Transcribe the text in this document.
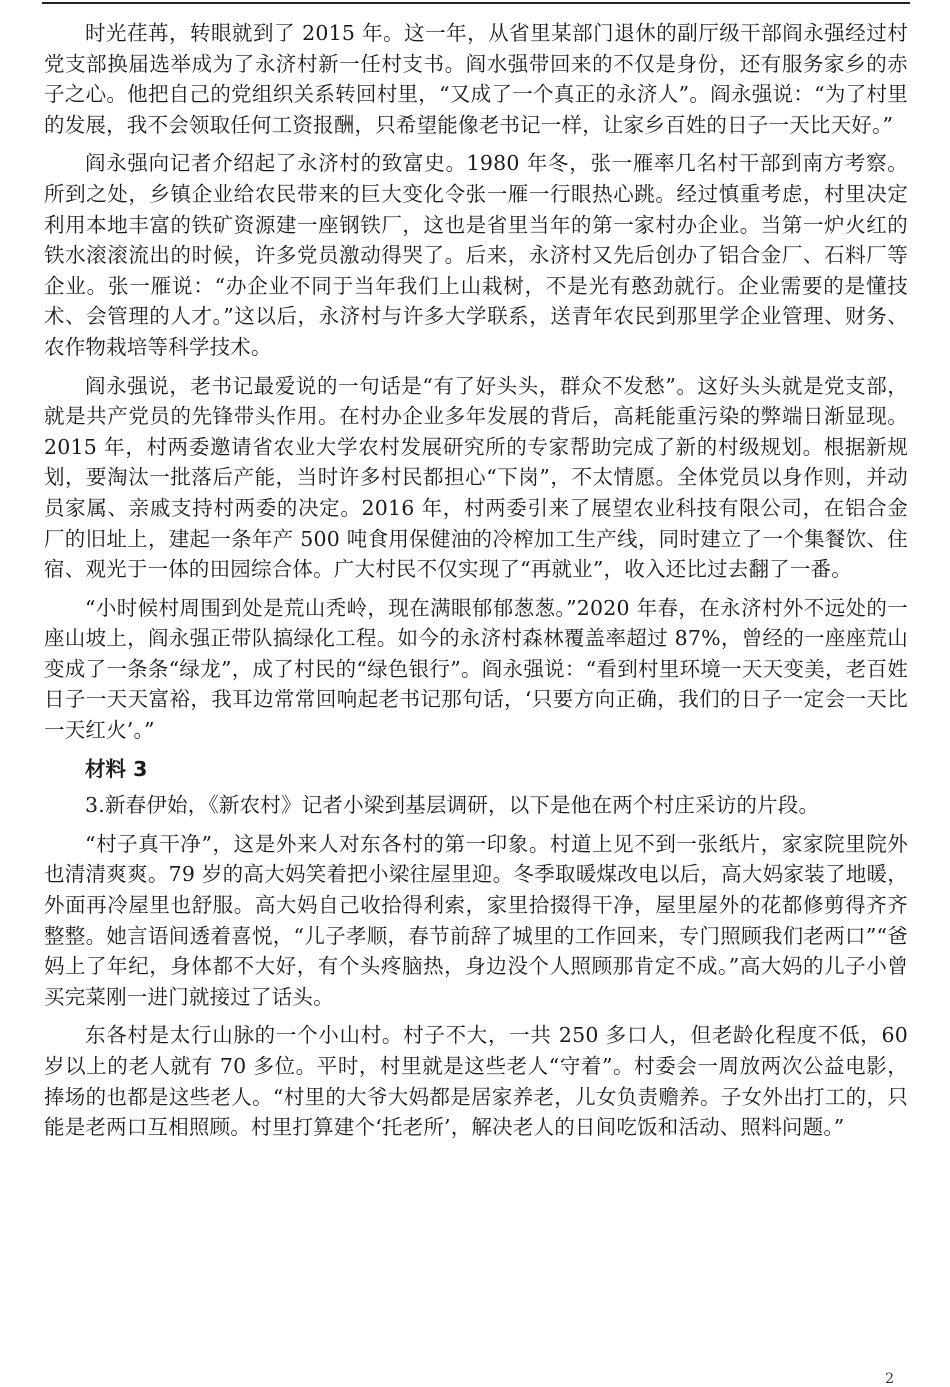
时光荏苒，转眼就到了 2015 年。这一年，从省里某部门退休的副厅级干部阎永强经过村党支部换届选举成为了永济村新一任村支书。阎水强带回来的不仅是身份，还有服务家乡的赤子之心。他把自己的党组织关系转回村里，“又成了一个真正的永济人”。阎永强说：“为了村里的发展，我不会领取任何工资报酬，只希望能像老书记一样，让家乡百姓的日子一天比天好。”

阎永强向记者介绍起了永济村的致富史。1980 年冬，张一雁率几名村干部到南方考察。所到之处，乡镇企业给农民带来的巨大变化令张一雁一行眼热心跳。经过慎重考虑，村里决定利用本地丰富的铁矿资源建一座钢铁厂，这也是省里当年的第一家村办企业。当第一炉火红的铁水滚滚流出的时候，许多党员激动得哭了。后来，永济村又先后创办了铝合金厂、石料厂等企业。张一雁说：“办企业不同于当年我们上山栽树，不是光有憨劲就行。企业需要的是懂技术、会管理的人才。”这以后，永济村与许多大学联系，送青年农民到那里学企业管理、财务、农作物栽培等科学技术。

阎永强说，老书记最爱说的一句话是“有了好头头，群众不发愁”。这好头头就是党支部，就是共产党员的先锋带头作用。在村办企业多年发展的背后，高耗能重污染的弊端日渐显现。2015 年，村两委邀请省农业大学农村发展研究所的专家帮助完成了新的村级规划。根据新规划，要淘汰一批落后产能，当时许多村民都担心“下岗”，不太情愿。全体党员以身作则，并动员家属、亲戚支持村两委的决定。2016 年，村两委引来了展望农业科技有限公司，在铝合金厂的旧址上，建起一条年产 500 吨食用保健油的冷榨加工生产线，同时建立了一个集餐饮、住宿、观光于一体的田园综合体。广大村民不仅实现了“再就业”，收入还比过去翻了一番。

“小时候村周围到处是荒山秃岭，现在满眼郁郁葱葱。”2020 年春，在永济村外不远处的一座山坡上，阎永强正带队搞绿化工程。如今的永济村森林覆盖率超过 87%，曾经的一座座荒山变成了一条条“绿龙”，成了村民的“绿色银行”。阎永强说：“看到村里环境一天天变美，老百姓日子一天天富裕，我耳边常常回响起老书记那句话，‘只要方向正确，我们的日子一定会一天比一天红火’。”

材料 3

3.新春伊始，《新农村》记者小梁到基层调研，以下是他在两个村庄采访的片段。

“村子真干净”，这是外来人对东各村的第一印象。村道上见不到一张纸片，家家院里院外也清清爽爽。79 岁的高大妈笑着把小梁往屋里迎。冬季取暖煤改电以后，高大妈家装了地暖，外面再冷屋里也舒服。高大妈自己收拾得利索，家里拾掇得干净，屋里屋外的花都修剪得齐齐整整。她言语间透着喜悦，“儿子孝顺，春节前辞了城里的工作回来，专门照顾我们老两口”“爸妈上了年纪，身体都不大好，有个头疼脑热，身边没个人照顾那肯定不成。”高大妈的儿子小曾买完菜刚一进门就接过了话头。

东各村是太行山脉的一个小山村。村子不大，一共 250 多口人，但老龄化程度不低，60 岁以上的老人就有 70 多位。平时，村里就是这些老人“守着”。村委会一周放两次公益电影，捧场的也都是这些老人。“村里的大爷大妈都是居家养老，儿女负责赡养。子女外出打工的，只能是老两口互相照顾。村里打算建个‘托老所’，解决老人的日间吃饭和活动、照料问题。”

2
